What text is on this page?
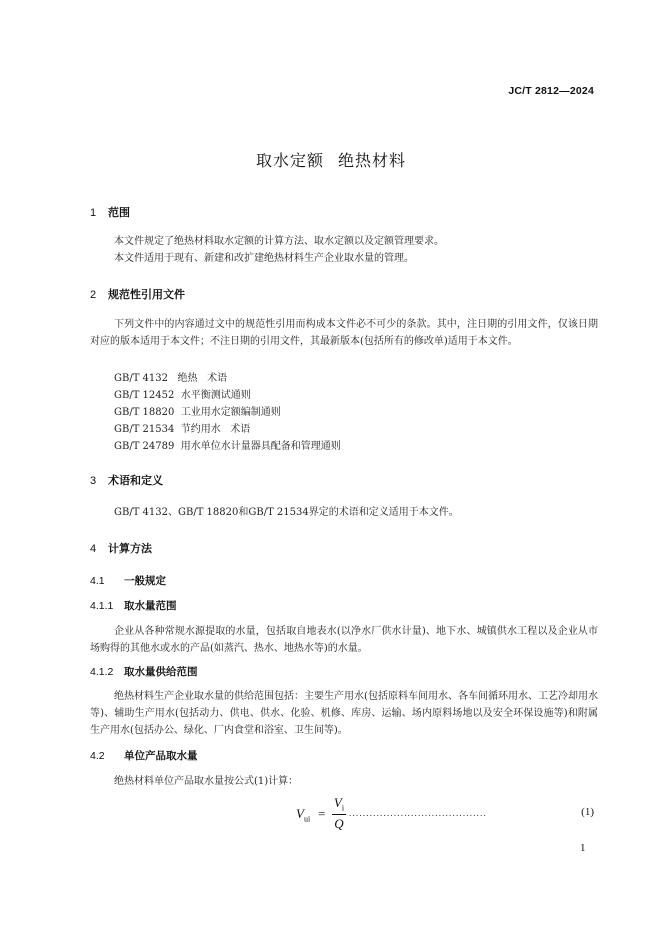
JC/T 2812—2024
取水定额 绝热材料
1 范围
本文件规定了绝热材料取水定额的计算方法、取水定额以及定额管理要求。
本文件适用于现有、新建和改扩建绝热材料生产企业取水量的管理。
2 规范性引用文件
下列文件中的内容通过文中的规范性引用而构成本文件必不可少的条款。其中，注日期的引用文件，仅该日期对应的版本适用于本文件；不注日期的引用文件，其最新版本(包括所有的修改单)适用于本文件。
GB/T 4132   绝热   术语
GB/T 12452  水平衡测试通则
GB/T 18820  工业用水定额编制通则
GB/T 21534  节约用水   术语
GB/T 24789  用水单位水计量器具配备和管理通则
3 术语和定义
GB/T 4132、GB/T 18820和GB/T 21534界定的术语和定义适用于本文件。
4 计算方法
4.1 一般规定
4.1.1 取水量范围
企业从各种常规水源提取的水量，包括取自地表水(以净水厂供水计量)、地下水、城镇供水工程以及企业从市场购得的其他水或水的产品(如蒸汽、热水、地热水等)的水量。
4.1.2 取水量供给范围
绝热材料生产企业取水量的供给范围包括：主要生产用水(包括原料车间用水、各车间循环用水、工艺冷却用水等)、辅助生产用水(包括动力、供电、供水、化验、机修、库房、运输、场内原料场地以及安全环保设施等)和附属生产用水(包括办公、绿化、厂内食堂和浴室、卫生间等)。
4.2 单位产品取水量
绝热材料单位产品取水量按公式(1)计算：
$V_{ui}$ =
$V_i$
Q
........................................	(1)
1
